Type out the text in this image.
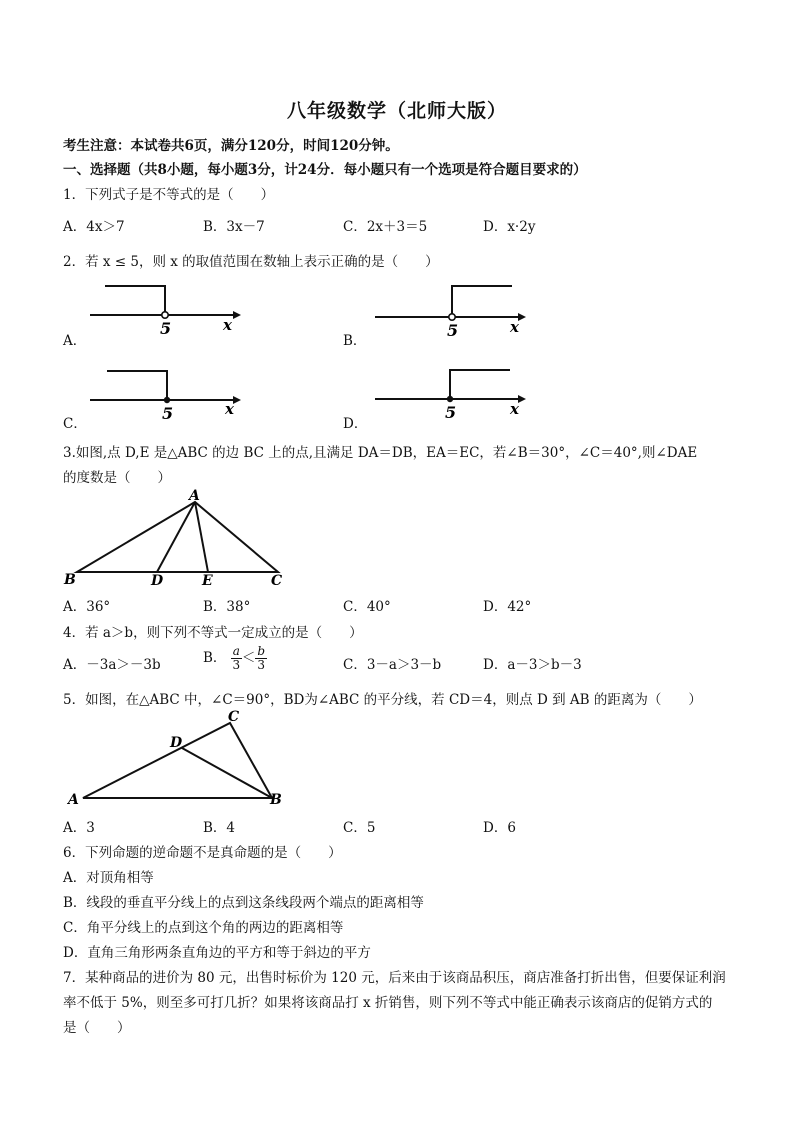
八年级数学（北师大版）
考生注意：本试卷共6页，满分120分，时间120分钟。
一、选择题（共8小题，每小题3分，计24分．每小题只有一个选项是符合题目要求的）
1．下列式子是不等式的是（　　）
A．4x＞7	B．3x－7	C．2x＋3＝5	D．x·2y
2．若 x ≤ 5，则 x 的取值范围在数轴上表示正确的是（　　）
A．
5	x
B．
5	x
C．
5	x
D．
5	x
3.如图,点 D,E 是△ABC 的边 BC 上的点,且满足 DA＝DB，EA＝EC，若∠B＝30°，∠C＝40°,则∠DAE
的度数是（　　）
A
B	D	E	C
A．36°	B．38°	C．40°	D．42°
4．若 a＞b，则下列不等式一定成立的是（　　）
A．－3a＞－3b	B． $\frac{a}{3} < \frac{b}{3}$	C．3－a＞3－b	D．a－3＞b－3
5．如图，在△ABC 中，∠C＝90°，BD为∠ABC 的平分线，若 CD＝4，则点 D 到 AB 的距离为（　　）
C
D
A	B
A．3	B．4	C．5	D．6
6．下列命题的逆命题不是真命题的是（　　）
A．对顶角相等
B．线段的垂直平分线上的点到这条线段两个端点的距离相等
C．角平分线上的点到这个角的两边的距离相等
D．直角三角形两条直角边的平方和等于斜边的平方
7．某种商品的进价为 80 元，出售时标价为 120 元，后来由于该商品积压，商店准备打折出售，但要保证利润
率不低于 5%，则至多可打几折？如果将该商品打 x 折销售，则下列不等式中能正确表示该商店的促销方式的
是（　　）
